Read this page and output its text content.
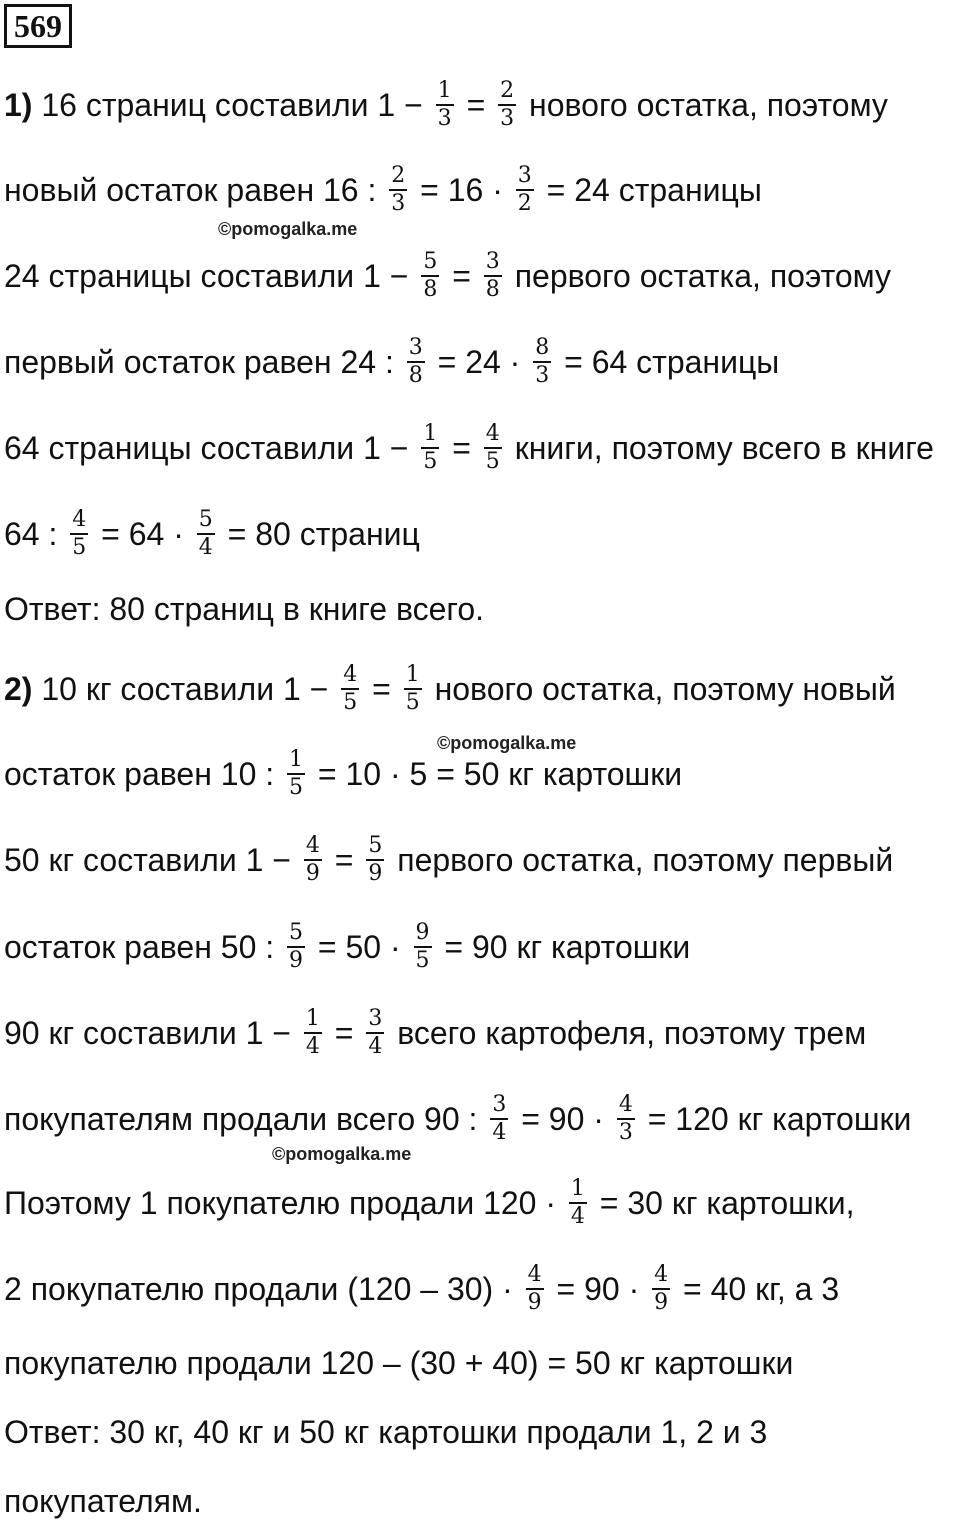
569
1) 16 страниц составили $1 - \frac{1}{3} = \frac{2}{3}$ нового остатка, поэтому
новый остаток равен 16 : $\frac{2}{3} = 16 \cdot \frac{3}{2} = 24$ страницы
©pomogalka.me
24 страницы составили $1 - \frac{5}{8} = \frac{3}{8}$ первого остатка, поэтому
первый остаток равен 24 : $\frac{3}{8} = 24 \cdot \frac{8}{3} = 64$ страницы
64 страницы составили $1 - \frac{1}{5} = \frac{4}{5}$ книги, поэтому всего в книге
64 : $\frac{4}{5} = 64 \cdot \frac{5}{4} = 80$ страниц
Ответ: 80 страниц в книге всего.
2) 10 кг составили $1 - \frac{4}{5} = \frac{1}{5}$ нового остатка, поэтому новый
©pomogalka.me
остаток равен 10 : $\frac{1}{5} = 10 \cdot 5 = 50$ кг картошки
50 кг составили $1 - \frac{4}{9} = \frac{5}{9}$ первого остатка, поэтому первый
остаток равен 50 : $\frac{5}{9} = 50 \cdot \frac{9}{5} = 90$ кг картошки
90 кг составили $1 - \frac{1}{4} = \frac{3}{4}$ всего картофеля, поэтому трем
покупателям продали всего 90 : $\frac{3}{4} = 90 \cdot \frac{4}{3} = 120$ кг картошки
©pomogalka.me
Поэтому 1 покупателю продали $120 \cdot \frac{1}{4} = 30$ кг картошки,
2 покупателю продали $(120 - 30) \cdot \frac{4}{9} = 90 \cdot \frac{4}{9} = 40$ кг, а 3
покупателю продали 120 – (30 + 40) = 50 кг картошки
Ответ: 30 кг, 40 кг и 50 кг картошки продали 1, 2 и 3
покупателям.
